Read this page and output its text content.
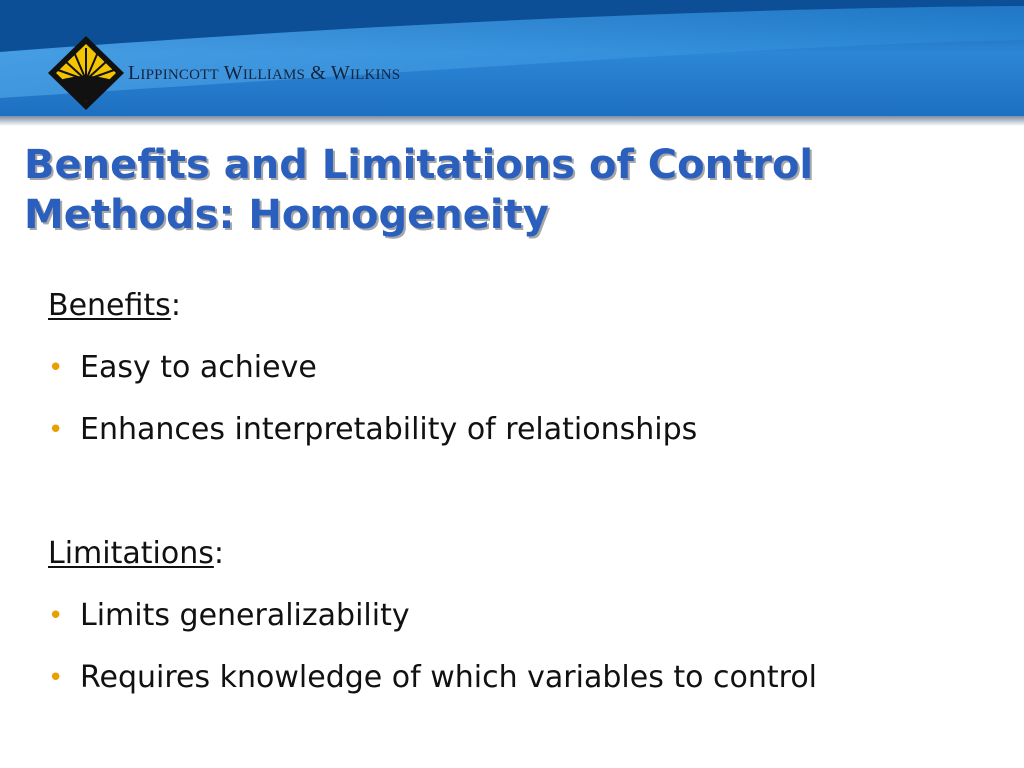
LIPPINCOTT WILLIAMS & WILKINS
Benefits and Limitations of Control
Methods: Homogeneity
Benefits:
• Easy to achieve
• Enhances interpretability of relationships
Limitations:
• Limits generalizability
• Requires knowledge of which variables to control
